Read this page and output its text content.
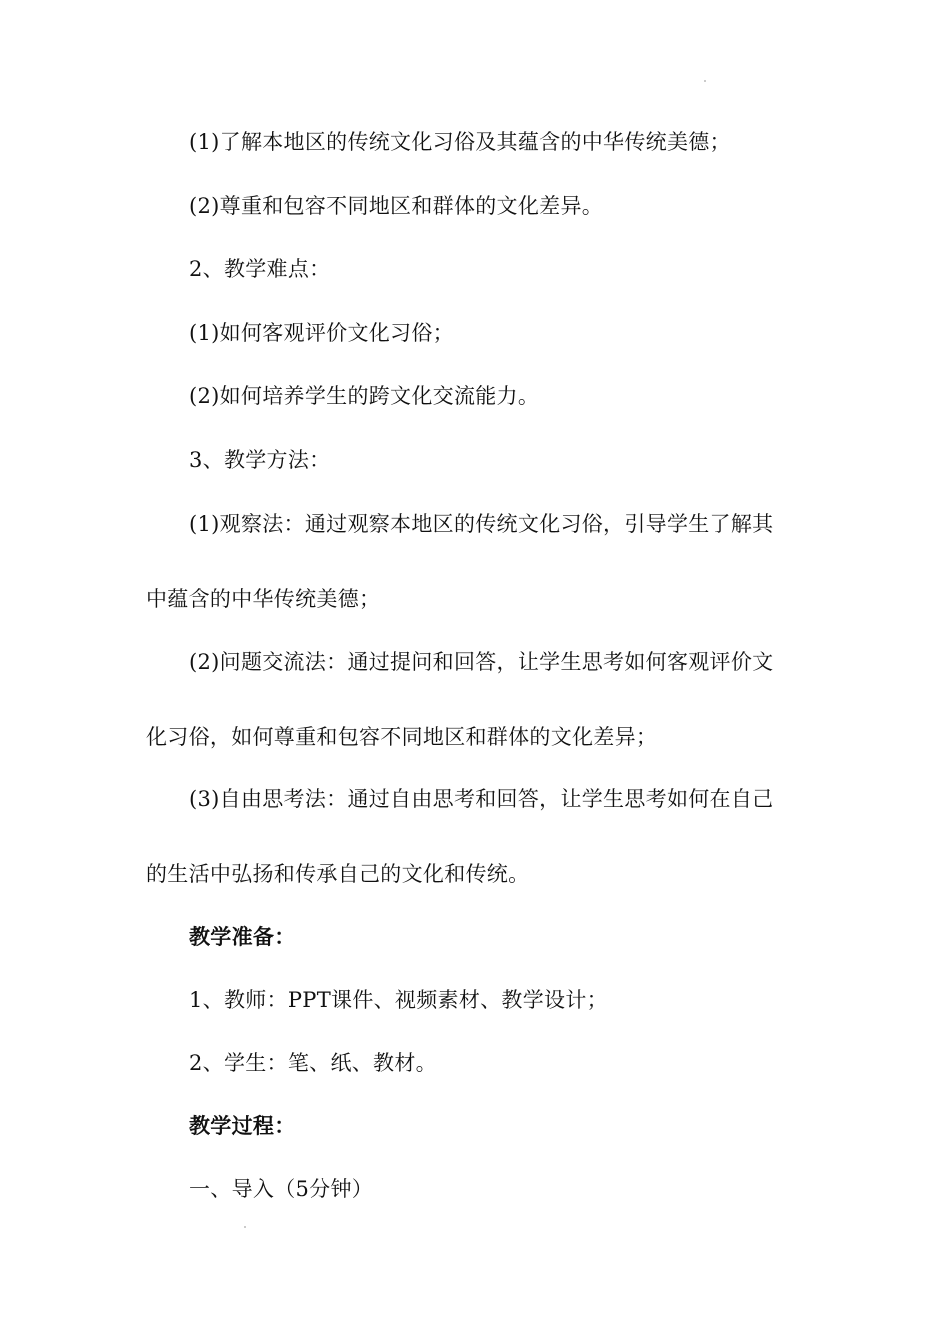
(1)了解本地区的传统文化习俗及其蕴含的中华传统美德；
(2)尊重和包容不同地区和群体的文化差异。
2、教学难点：
(1)如何客观评价文化习俗；
(2)如何培养学生的跨文化交流能力。
3、教学方法：
(1)观察法：通过观察本地区的传统文化习俗，引导学生了解其
中蕴含的中华传统美德；
(2)问题交流法：通过提问和回答，让学生思考如何客观评价文
化习俗，如何尊重和包容不同地区和群体的文化差异；
(3)自由思考法：通过自由思考和回答，让学生思考如何在自己
的生活中弘扬和传承自己的文化和传统。
教学准备：
1、教师：PPT课件、视频素材、教学设计；
2、学生：笔、纸、教材。
教学过程：
一、导入（5分钟）
